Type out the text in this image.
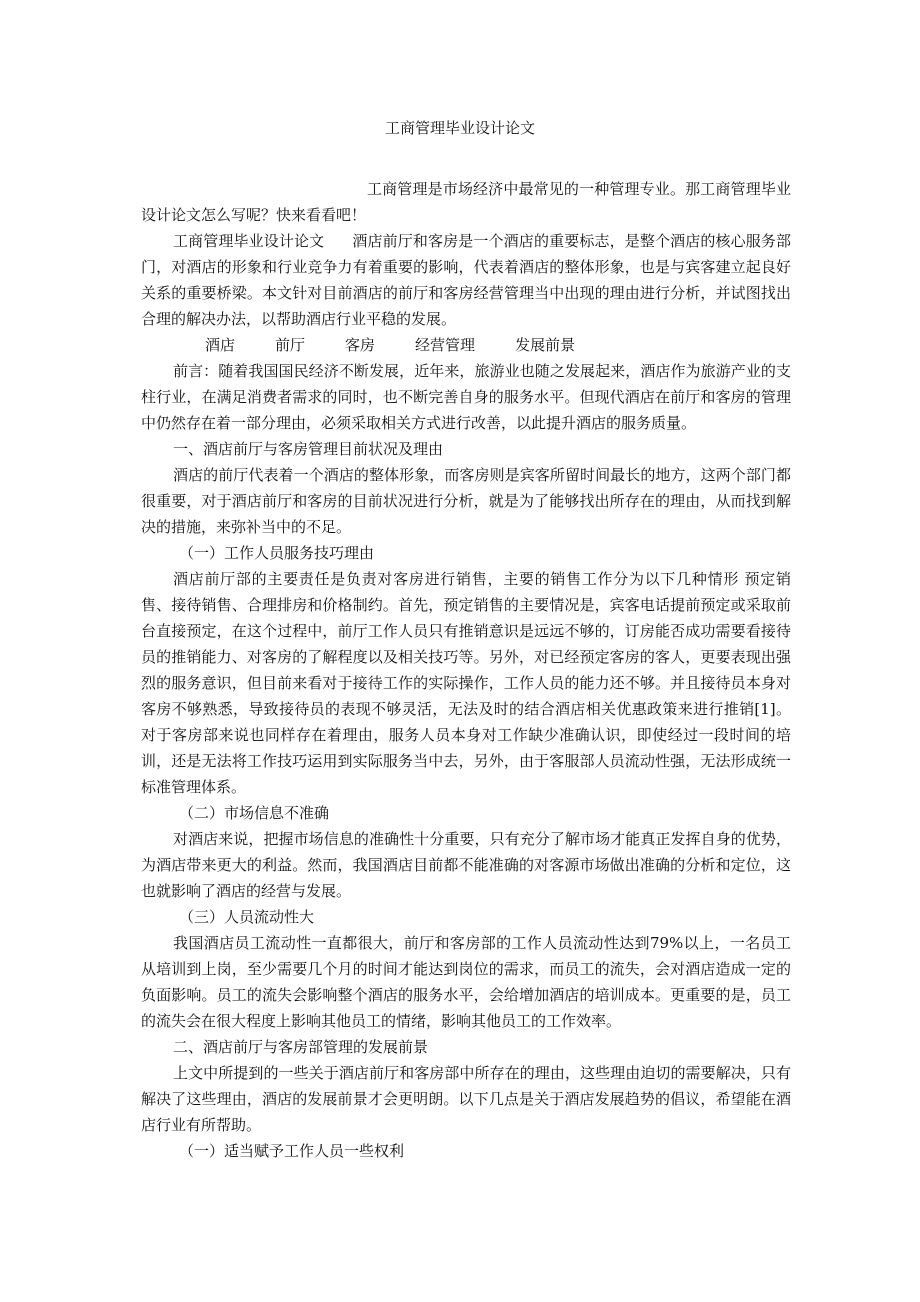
工商管理毕业设计论文

工商管理是市场经济中最常见的一种管理专业。那工商管理毕业设计论文怎么写呢？快来看看吧！

工商管理毕业设计论文 酒店前厅和客房是一个酒店的重要标志，是整个酒店的核心服务部门，对酒店的形象和行业竞争力有着重要的影响，代表着酒店的整体形象，也是与宾客建立起良好关系的重要桥梁。本文针对目前酒店的前厅和客房经营管理当中出现的理由进行分析，并试图找出合理的解决办法，以帮助酒店行业平稳的发展。

酒店	前厅	客房	经营管理	发展前景

前言：随着我国国民经济不断发展，近年来，旅游业也随之发展起来，酒店作为旅游产业的支柱行业，在满足消费者需求的同时，也不断完善自身的服务水平。但现代酒店在前厅和客房的管理中仍然存在着一部分理由，必须采取相关方式进行改善，以此提升酒店的服务质量。

一、酒店前厅与客房管理目前状况及理由

酒店的前厅代表着一个酒店的整体形象，而客房则是宾客所留时间最长的地方，这两个部门都很重要，对于酒店前厅和客房的目前状况进行分析，就是为了能够找出所存在的理由，从而找到解决的措施，来弥补当中的不足。

（一）工作人员服务技巧理由

酒店前厅部的主要责任是负责对客房进行销售，主要的销售工作分为以下几种情形 预定销售、接待销售、合理排房和价格制约。首先，预定销售的主要情况是，宾客电话提前预定或采取前台直接预定，在这个过程中，前厅工作人员只有推销意识是远远不够的，订房能否成功需要看接待员的推销能力、对客房的了解程度以及相关技巧等。另外，对已经预定客房的客人，更要表现出强烈的服务意识，但目前来看对于接待工作的实际操作，工作人员的能力还不够。并且接待员本身对客房不够熟悉，导致接待员的表现不够灵活，无法及时的结合酒店相关优惠政策来进行推销[1]。对于客房部来说也同样存在着理由，服务人员本身对工作缺少准确认识，即使经过一段时间的培训，还是无法将工作技巧运用到实际服务当中去，另外，由于客服部人员流动性强，无法形成统一标准管理体系。

（二）市场信息不准确

对酒店来说，把握市场信息的准确性十分重要，只有充分了解市场才能真正发挥自身的优势，为酒店带来更大的利益。然而，我国酒店目前都不能准确的对客源市场做出准确的分析和定位，这也就影响了酒店的经营与发展。

（三）人员流动性大

我国酒店员工流动性一直都很大，前厅和客房部的工作人员流动性达到79%以上，一名员工从培训到上岗，至少需要几个月的时间才能达到岗位的需求，而员工的流失，会对酒店造成一定的负面影响。员工的流失会影响整个酒店的服务水平，会给增加酒店的培训成本。更重要的是，员工的流失会在很大程度上影响其他员工的情绪，影响其他员工的工作效率。

二、酒店前厅与客房部管理的发展前景

上文中所提到的一些关于酒店前厅和客房部中所存在的理由，这些理由迫切的需要解决，只有解决了这些理由，酒店的发展前景才会更明朗。以下几点是关于酒店发展趋势的倡议，希望能在酒店行业有所帮助。

（一）适当赋予工作人员一些权利
